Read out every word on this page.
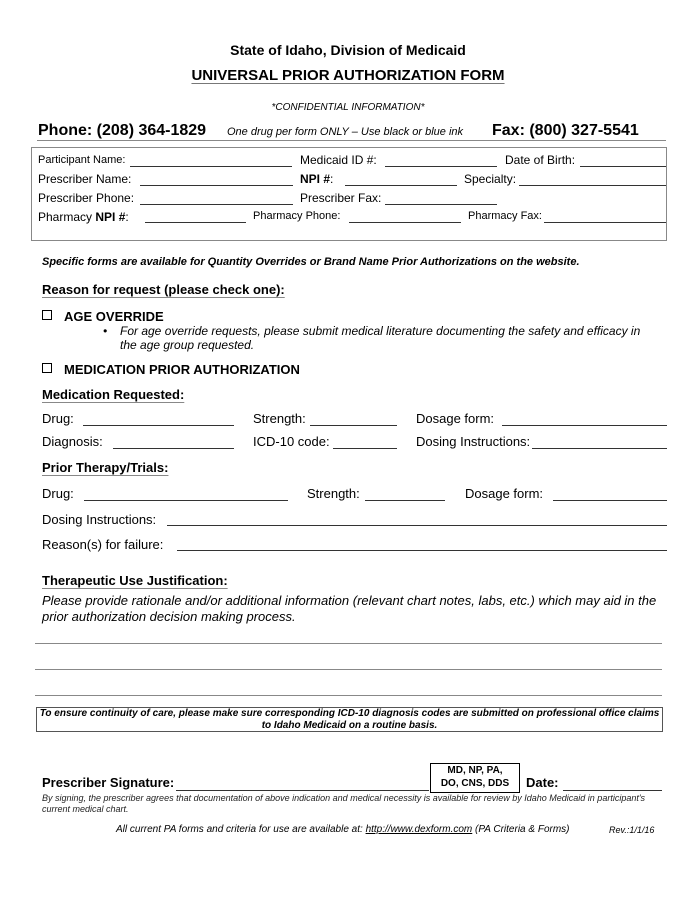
State of Idaho, Division of Medicaid
UNIVERSAL PRIOR AUTHORIZATION FORM
*CONFIDENTIAL INFORMATION*
Phone: (208) 364-1829 One drug per form ONLY – Use black or blue ink Fax: (800) 327-5541
Participant Name:	Medicaid ID #:	Date of Birth:
Prescriber Name:	NPI #:	Specialty:
Prescriber Phone:	Prescriber Fax:
Pharmacy NPI #:	Pharmacy Phone:	Pharmacy Fax:
Specific forms are available for Quantity Overrides or Brand Name Prior Authorizations on the website.
Reason for request (please check one):
AGE OVERRIDE
• For age override requests, please submit medical literature documenting the safety and efficacy in the age group requested.
MEDICATION PRIOR AUTHORIZATION
Medication Requested:
Drug:	Strength:	Dosage form:
Diagnosis:	ICD-10 code:	Dosing Instructions:
Prior Therapy/Trials:
Drug:	Strength:	Dosage form:
Dosing Instructions:
Reason(s) for failure:
Therapeutic Use Justification:
Please provide rationale and/or additional information (relevant chart notes, labs, etc.) which may aid in the prior authorization decision making process.
To ensure continuity of care, please make sure corresponding ICD-10 diagnosis codes are submitted on professional office claims to Idaho Medicaid on a routine basis.
Prescriber Signature:
MD, NP, PA,
DO, CNS, DDS	Date:
By signing, the prescriber agrees that documentation of above indication and medical necessity is available for review by Idaho Medicaid in participant's current medical chart.
All current PA forms and criteria for use are available at: http://www.dexform.com (PA Criteria & Forms)	Rev.:1/1/16
